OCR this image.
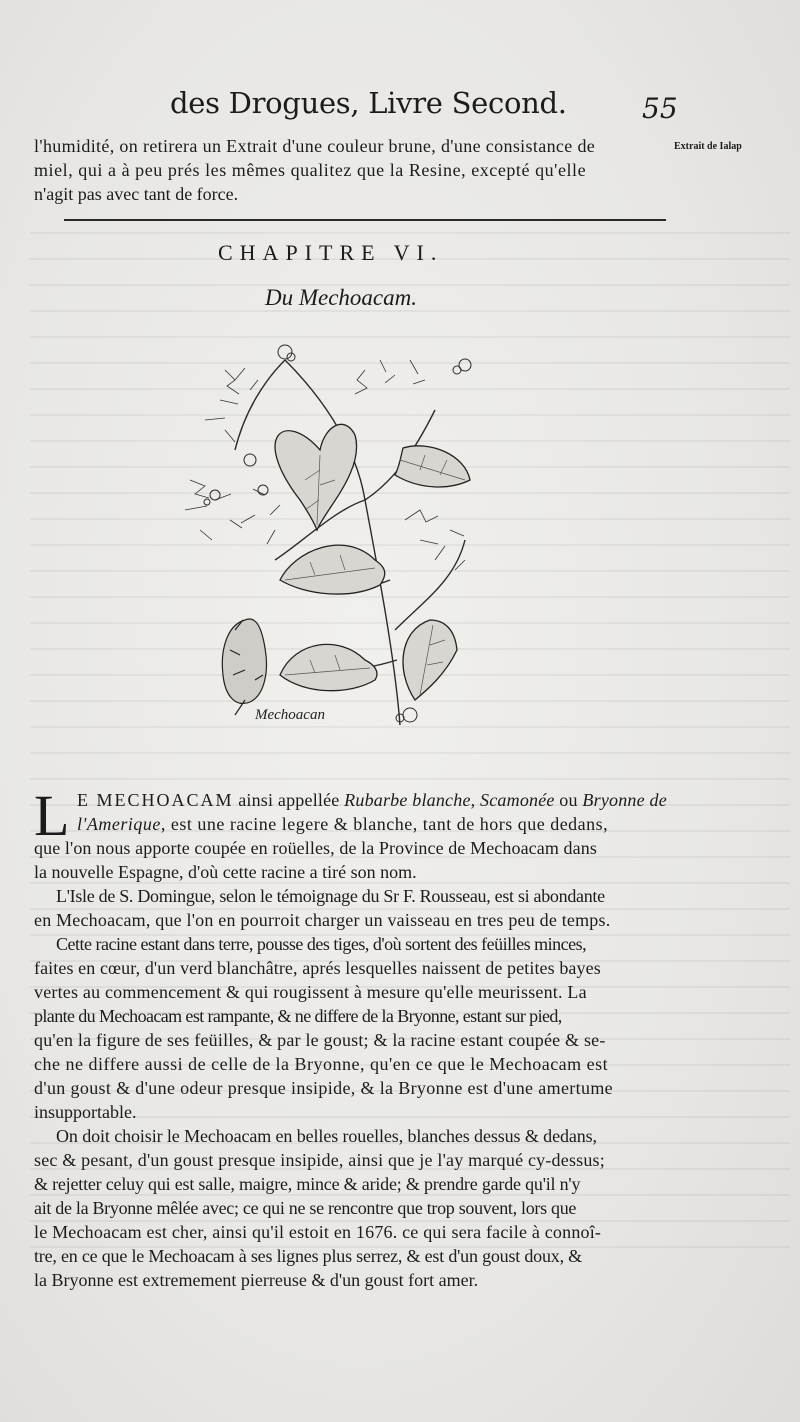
des Drogues, Livre Second.	55
l'humidité, on retirera un Extrait d'une couleur brune, d'une consistance de
miel, qui a à peu prés les mêmes qualitez que la Resine, excepté qu'elle
n'agit pas avec tant de force.
Extrait de Ialap
CHAPITRE VI.
Du Mechoacam.
Mechoacan
L E MECHOACAM ainsi appellée Rubarbe blanche, Scamonée ou Bryonne de
l'Amerique, est une racine legere & blanche, tant de hors que dedans,
que l'on nous apporte coupée en roüelles, de la Province de Mechoacam dans
la nouvelle Espagne, d'où cette racine a tiré son nom.
L'Isle de S. Domingue, selon le témoignage du Sr F. Rousseau, est si abondante
en Mechoacam, que l'on en pourroit charger un vaisseau en tres peu de temps.
Cette racine estant dans terre, pousse des tiges, d'où sortent des feüilles minces,
faites en cœur, d'un verd blanchâtre, aprés lesquelles naissent de petites bayes
vertes au commencement & qui rougissent à mesure qu'elle meurissent. La
plante du Mechoacam est rampante, & ne differe de la Bryonne, estant sur pied,
qu'en la figure de ses feüilles, & par le goust; & la racine estant coupée & se-
che ne differe aussi de celle de la Bryonne, qu'en ce que le Mechoacam est
d'un goust & d'une odeur presque insipide, & la Bryonne est d'une amertume
insupportable.
On doit choisir le Mechoacam en belles rouelles, blanches dessus & dedans,
sec & pesant, d'un goust presque insipide, ainsi que je l'ay marqué cy-dessus;
& rejetter celuy qui est salle, maigre, mince & aride; & prendre garde qu'il n'y
ait de la Bryonne mêlée avec; ce qui ne se rencontre que trop souvent, lors que
le Mechoacam est cher, ainsi qu'il estoit en 1676. ce qui sera facile à connoî-
tre, en ce que le Mechoacam à ses lignes plus serrez, & est d'un goust doux, &
la Bryonne est extremement pierreuse & d'un goust fort amer.
